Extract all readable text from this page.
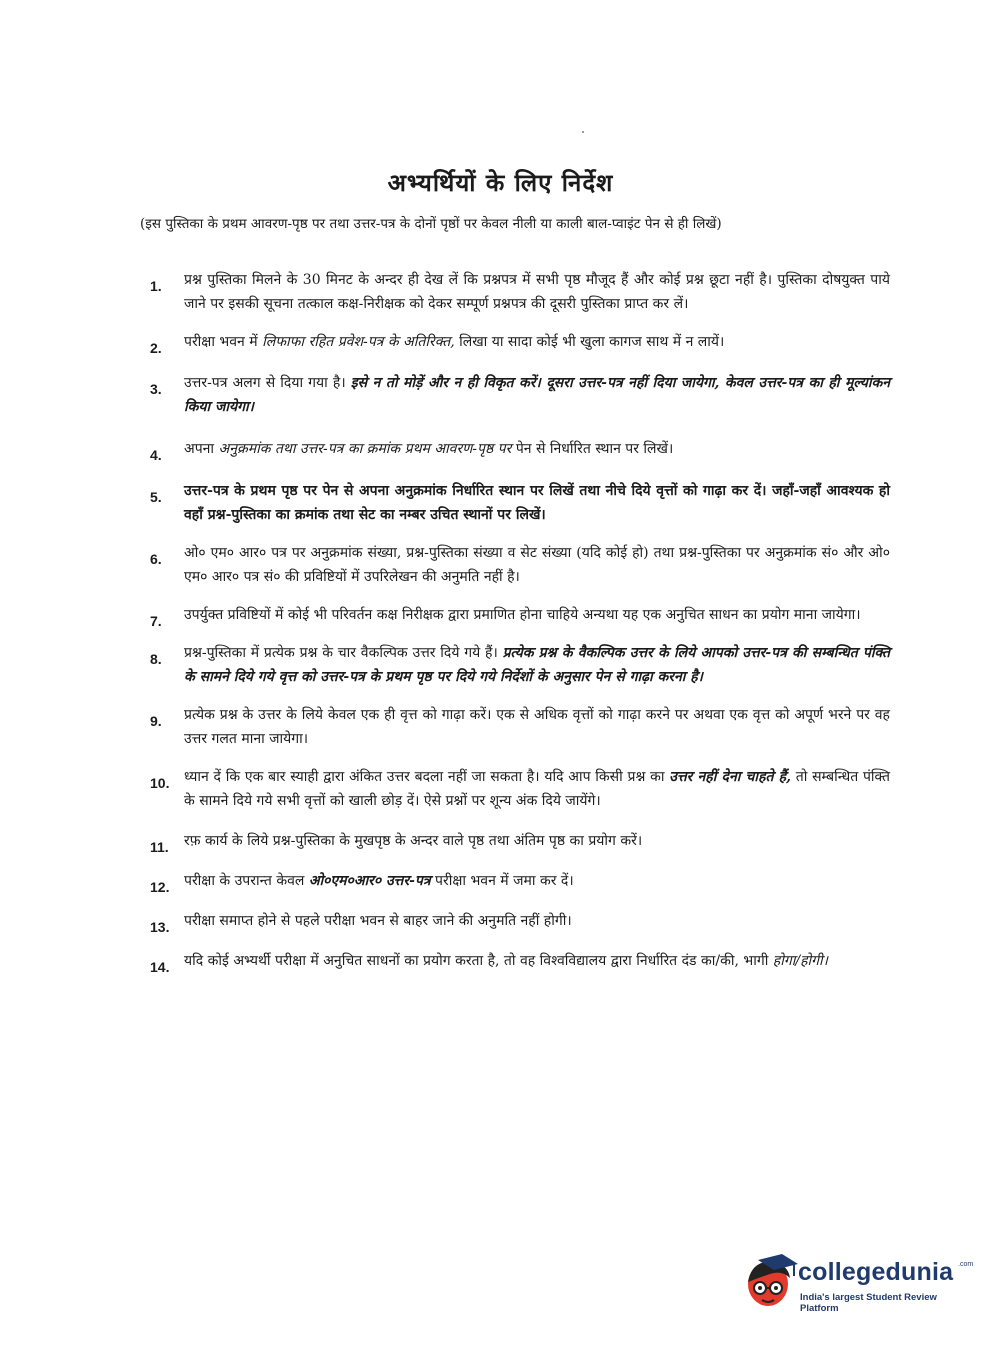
अभ्यर्थियों के लिए निर्देश
(इस पुस्तिका के प्रथम आवरण-पृष्ठ पर तथा उत्तर-पत्र के दोनों पृष्ठों पर केवल नीली या काली बाल-प्वाइंट पेन से ही लिखें)
1.	प्रश्न पुस्तिका मिलने के 30 मिनट के अन्दर ही देख लें कि प्रश्नपत्र में सभी पृष्ठ मौजूद हैं और कोई प्रश्न छूटा नहीं है। पुस्तिका दोषयुक्त पाये जाने पर इसकी सूचना तत्काल कक्ष-निरीक्षक को देकर सम्पूर्ण प्रश्नपत्र की दूसरी पुस्तिका प्राप्त कर लें।
2.	परीक्षा भवन में लिफाफा रहित प्रवेश-पत्र के अतिरिक्त, लिखा या सादा कोई भी खुला कागज साथ में न लायें।
3.	उत्तर-पत्र अलग से दिया गया है। इसे न तो मोड़ें और न ही विकृत करें। दूसरा उत्तर-पत्र नहीं दिया जायेगा, केवल उत्तर-पत्र का ही मूल्यांकन किया जायेगा।
4.	अपना अनुक्रमांक तथा उत्तर-पत्र का क्रमांक प्रथम आवरण-पृष्ठ पर पेन से निर्धारित स्थान पर लिखें।
5.	उत्तर-पत्र के प्रथम पृष्ठ पर पेन से अपना अनुक्रमांक निर्धारित स्थान पर लिखें तथा नीचे दिये वृत्तों को गाढ़ा कर दें। जहाँ-जहाँ आवश्यक हो वहाँ प्रश्न-पुस्तिका का क्रमांक तथा सेट का नम्बर उचित स्थानों पर लिखें।
6.	ओ० एम० आर० पत्र पर अनुक्रमांक संख्या, प्रश्न-पुस्तिका संख्या व सेट संख्या (यदि कोई हो) तथा प्रश्न-पुस्तिका पर अनुक्रमांक सं० और ओ० एम० आर० पत्र सं० की प्रविष्टियों में उपरिलेखन की अनुमति नहीं है।
7.	उपर्युक्त प्रविष्टियों में कोई भी परिवर्तन कक्ष निरीक्षक द्वारा प्रमाणित होना चाहिये अन्यथा यह एक अनुचित साधन का प्रयोग माना जायेगा।
8.	प्रश्न-पुस्तिका में प्रत्येक प्रश्न के चार वैकल्पिक उत्तर दिये गये हैं। प्रत्येक प्रश्न के वैकल्पिक उत्तर के लिये आपको उत्तर-पत्र की सम्बन्धित पंक्ति के सामने दिये गये वृत्त को उत्तर-पत्र के प्रथम पृष्ठ पर दिये गये निर्देशों के अनुसार पेन से गाढ़ा करना है।
9.	प्रत्येक प्रश्न के उत्तर के लिये केवल एक ही वृत्त को गाढ़ा करें। एक से अधिक वृत्तों को गाढ़ा करने पर अथवा एक वृत्त को अपूर्ण भरने पर वह उत्तर गलत माना जायेगा।
10.	ध्यान दें कि एक बार स्याही द्वारा अंकित उत्तर बदला नहीं जा सकता है। यदि आप किसी प्रश्न का उत्तर नहीं देना चाहते हैं, तो सम्बन्धित पंक्ति के सामने दिये गये सभी वृत्तों को खाली छोड़ दें। ऐसे प्रश्नों पर शून्य अंक दिये जायेंगे।
11.	रफ़ कार्य के लिये प्रश्न-पुस्तिका के मुखपृष्ठ के अन्दर वाले पृष्ठ तथा अंतिम पृष्ठ का प्रयोग करें।
12.	परीक्षा के उपरान्त केवल ओ०एम०आर० उत्तर-पत्र परीक्षा भवन में जमा कर दें।
13.	परीक्षा समाप्त होने से पहले परीक्षा भवन से बाहर जाने की अनुमति नहीं होगी।
14.	यदि कोई अभ्यर्थी परीक्षा में अनुचित साधनों का प्रयोग करता है, तो वह विश्वविद्यालय द्वारा निर्धारित दंड का/की, भागी होगा/होगी।
collegedunia .com
India's largest Student Review Platform
